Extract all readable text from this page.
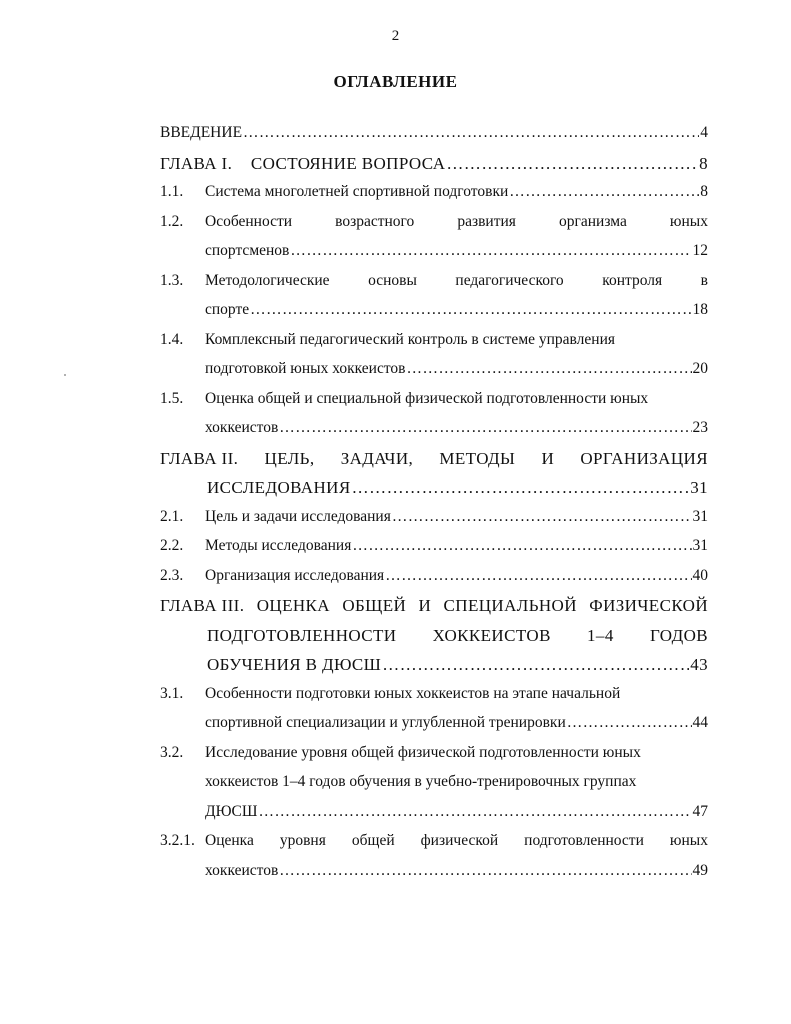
2
ОГЛАВЛЕНИЕ
ВВЕДЕНИЕ …………………………………………………………………………………………………………………………………………………………………………	4
ГЛАВА I.    СОСТОЯНИЕ ВОПРОСА …………………………………………………………………………………………………………………………………………………………………………	8
1.1.	Система многолетней спортивной подготовки …………………………………………………………………………………………………………………………………………………………………………	8
1.2.	Особенности	возрастного	развития	организма	юных
спортсменов …………………………………………………………………………………………………………………………………………………………………………	12
1.3.	Методологические основы педагогического контроля в
спорте …………………………………………………………………………………………………………………………………………………………………………	18
1.4.	Комплексный педагогический контроль в системе управления
подготовкой юных хоккеистов …………………………………………………………………………………………………………………………………………………………………………	20
1.5.	Оценка общей и специальной физической подготовленности юных
хоккеистов …………………………………………………………………………………………………………………………………………………………………………	23
ГЛАВА II. ЦЕЛЬ, ЗАДАЧИ, МЕТОДЫ И ОРГАНИЗАЦИЯ
ИССЛЕДОВАНИЯ …………………………………………………………………………………………………………………………………………………………………………	31
2.1.	Цель и задачи исследования …………………………………………………………………………………………………………………………………………………………………………	31
2.2.	Методы исследования …………………………………………………………………………………………………………………………………………………………………………	31
2.3.	Организация исследования …………………………………………………………………………………………………………………………………………………………………………	40
ГЛАВА III. ОЦЕНКА ОБЩЕЙ И СПЕЦИАЛЬНОЙ ФИЗИЧЕСКОЙ
ПОДГОТОВЛЕННОСТИ ХОККЕИСТОВ 1–4 ГОДОВ
ОБУЧЕНИЯ В ДЮСШ …………………………………………………………………………………………………………………………………………………………………………	43
3.1.	Особенности подготовки юных хоккеистов на этапе начальной
спортивной специализации и углубленной тренировки …………………………………………………………………………………………………………………………………………………………………………	44
3.2.	Исследование уровня общей физической подготовленности юных
хоккеистов 1–4 годов обучения в учебно-тренировочных группах
ДЮСШ …………………………………………………………………………………………………………………………………………………………………………	47
3.2.1. Оценка уровня общей физической подготовленности юных
хоккеистов …………………………………………………………………………………………………………………………………………………………………………	49
